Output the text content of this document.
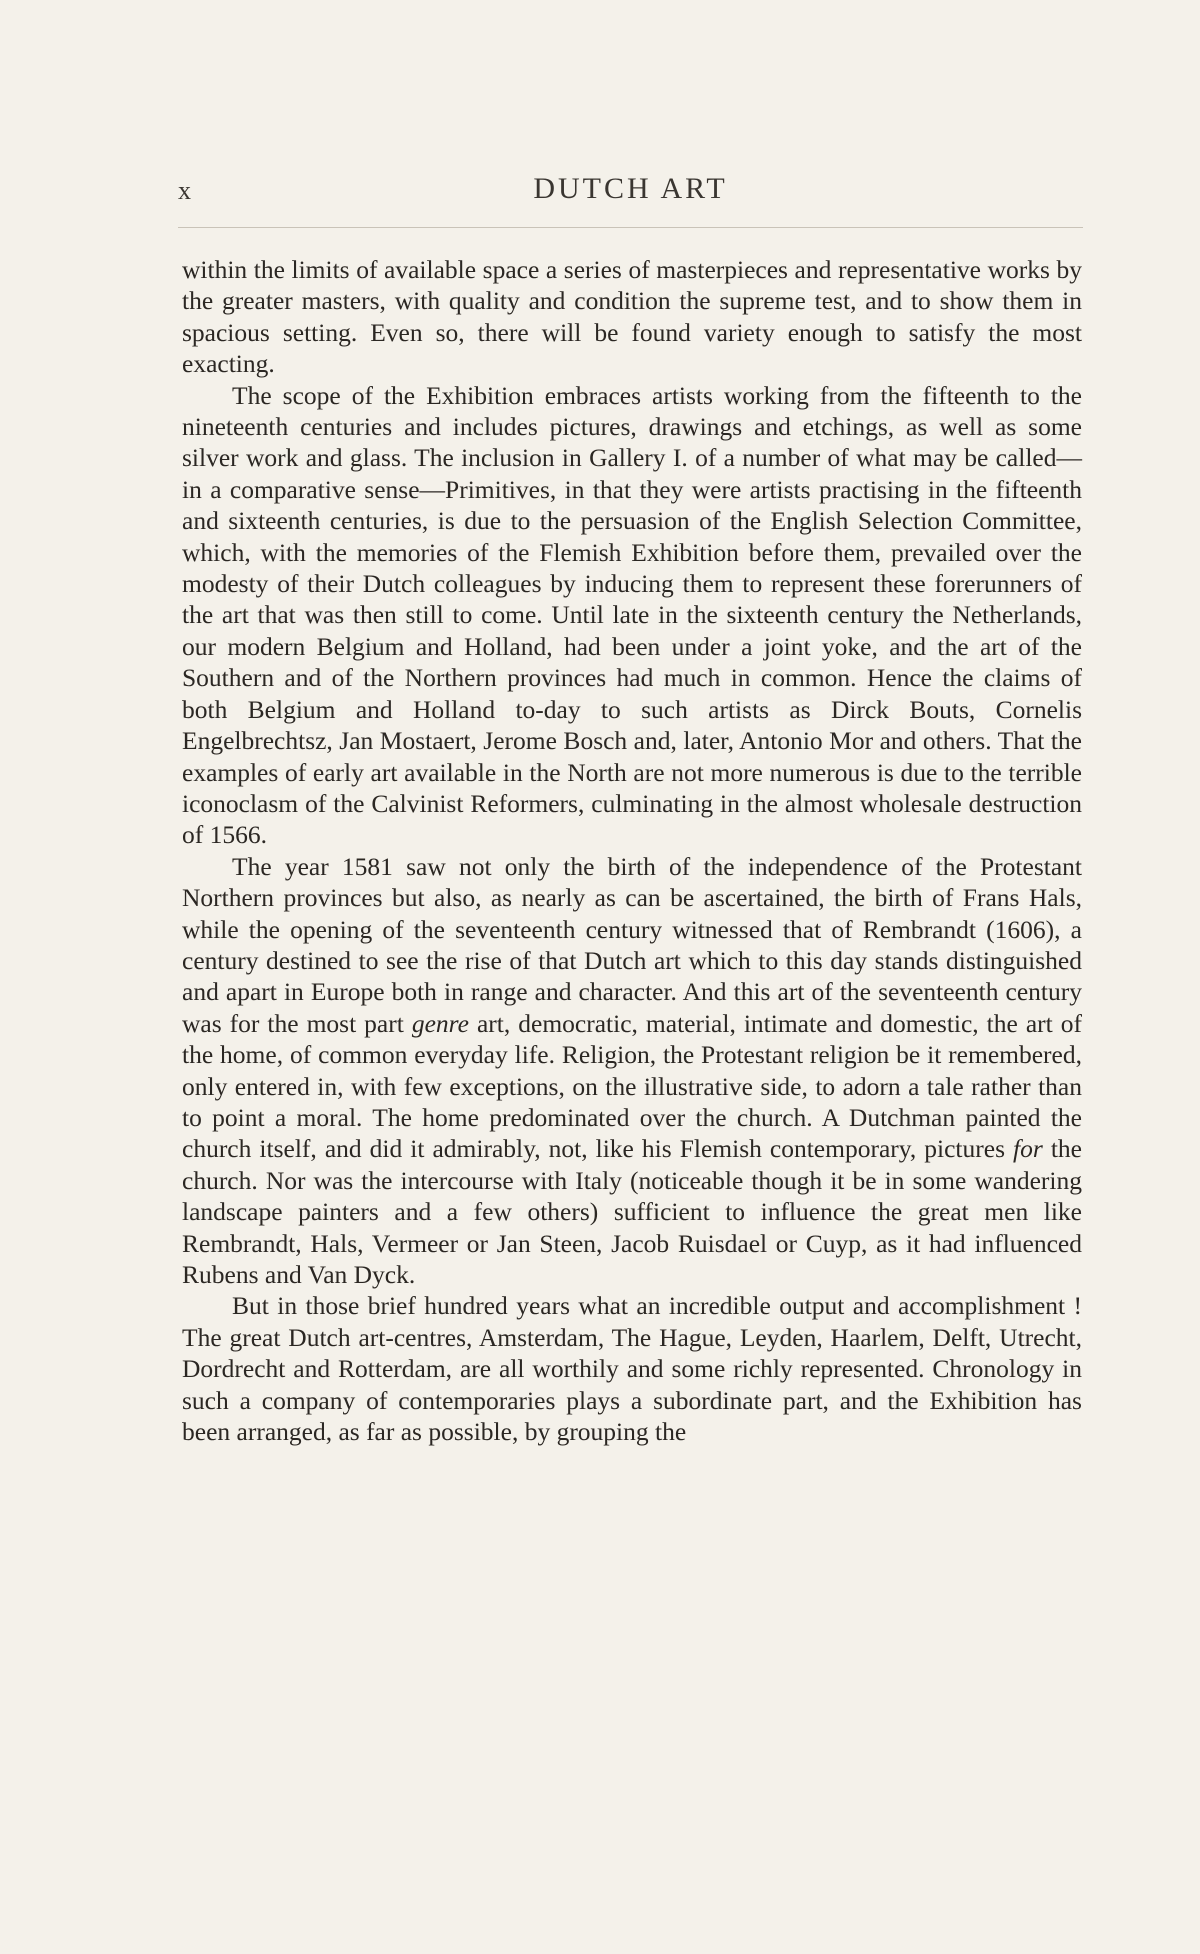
x	DUTCH ART

within the limits of available space a series of masterpieces and representative works by the greater masters, with quality and condition the supreme test, and to show them in spacious setting. Even so, there will be found variety enough to satisfy the most exacting.

The scope of the Exhibition embraces artists working from the fifteenth to the nineteenth centuries and includes pictures, drawings and etchings, as well as some silver work and glass. The inclusion in Gallery I. of a number of what may be called—in a comparative sense—Primitives, in that they were artists practising in the fifteenth and sixteenth centuries, is due to the persuasion of the English Selection Committee, which, with the memories of the Flemish Exhibition before them, prevailed over the modesty of their Dutch colleagues by inducing them to represent these forerunners of the art that was then still to come. Until late in the sixteenth century the Netherlands, our modern Belgium and Holland, had been under a joint yoke, and the art of the Southern and of the Northern provinces had much in common. Hence the claims of both Belgium and Holland to-day to such artists as Dirck Bouts, Cornelis Engelbrechtsz, Jan Mostaert, Jerome Bosch and, later, Antonio Mor and others. That the examples of early art available in the North are not more numerous is due to the terrible iconoclasm of the Calvinist Reformers, culminating in the almost wholesale destruction of 1566.

The year 1581 saw not only the birth of the independence of the Protestant Northern provinces but also, as nearly as can be ascertained, the birth of Frans Hals, while the opening of the seventeenth century witnessed that of Rembrandt (1606), a century destined to see the rise of that Dutch art which to this day stands distinguished and apart in Europe both in range and character. And this art of the seventeenth century was for the most part genre art, democratic, material, intimate and domestic, the art of the home, of common everyday life. Religion, the Protestant religion be it remembered, only entered in, with few exceptions, on the illustrative side, to adorn a tale rather than to point a moral. The home predominated over the church. A Dutchman painted the church itself, and did it admirably, not, like his Flemish contemporary, pictures for the church. Nor was the intercourse with Italy (noticeable though it be in some wandering landscape painters and a few others) sufficient to influence the great men like Rembrandt, Hals, Vermeer or Jan Steen, Jacob Ruisdael or Cuyp, as it had influenced Rubens and Van Dyck.

But in those brief hundred years what an incredible output and accomplishment ! The great Dutch art-centres, Amsterdam, The Hague, Leyden, Haarlem, Delft, Utrecht, Dordrecht and Rotterdam, are all worthily and some richly represented. Chronology in such a company of contemporaries plays a subordinate part, and the Exhibition has been arranged, as far as possible, by grouping the
